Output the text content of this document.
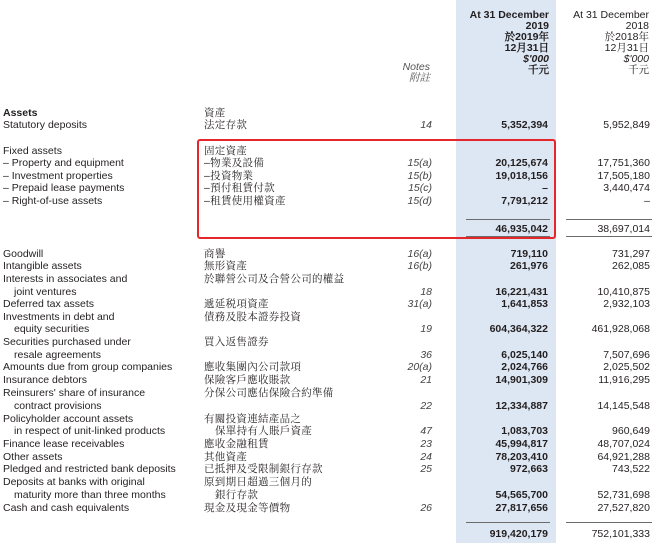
Notes
附註
At 31 December
2019
於2019年
12月31日
$'000
千元
At 31 December
2018
於2018年
12月31日
$'000
千元
Assets	資產
Statutory deposits	法定存款	14	5,352,394	5,952,849
Fixed assets	固定資產
– Property and equipment	–物業及設備	15(a)	20,125,674	17,751,360
– Investment properties	–投資物業	15(b)	19,018,156	17,505,180
– Prepaid lease payments	–預付租賃付款	15(c)	–	3,440,474
– Right-of-use assets	–租賃使用權資產	15(d)	7,791,212	–
46,935,042	38,697,014
Goodwill	商譽	16(a)	719,110	731,297
Intangible assets	無形資產	16(b)	261,976	262,085
Interests in associates and	於聯營公司及合營公司的權益
joint ventures	18	16,221,431	10,410,875
Deferred tax assets	遞延税項資產	31(a)	1,641,853	2,932,103
Investments in debt and	債務及股本證券投資
equity securities	19	604,364,322	461,928,068
Securities purchased under	買入返售證券
resale agreements	36	6,025,140	7,507,696
Amounts due from group companies	應收集團內公司款項	20(a)	2,024,766	2,025,502
Insurance debtors	保險客戶應收賬款	21	14,901,309	11,916,295
Reinsurers' share of insurance	分保公司應佔保險合約準備
contract provisions	22	12,334,887	14,145,548
Policyholder account assets	有關投資連結產品之
in respect of unit-linked products	保單持有人賬戶資產	47	1,083,703	960,649
Finance lease receivables	應收金融租賃	23	45,994,817	48,707,024
Other assets	其他資產	24	78,203,410	64,921,288
Pledged and restricted bank deposits	已抵押及受限制銀行存款	25	972,663	743,522
Deposits at banks with original	原到期日超過三個月的
maturity more than three months	銀行存款	54,565,700	52,731,698
Cash and cash equivalents	現金及現金等價物	26	27,817,656	27,527,820
919,420,179	752,101,333
